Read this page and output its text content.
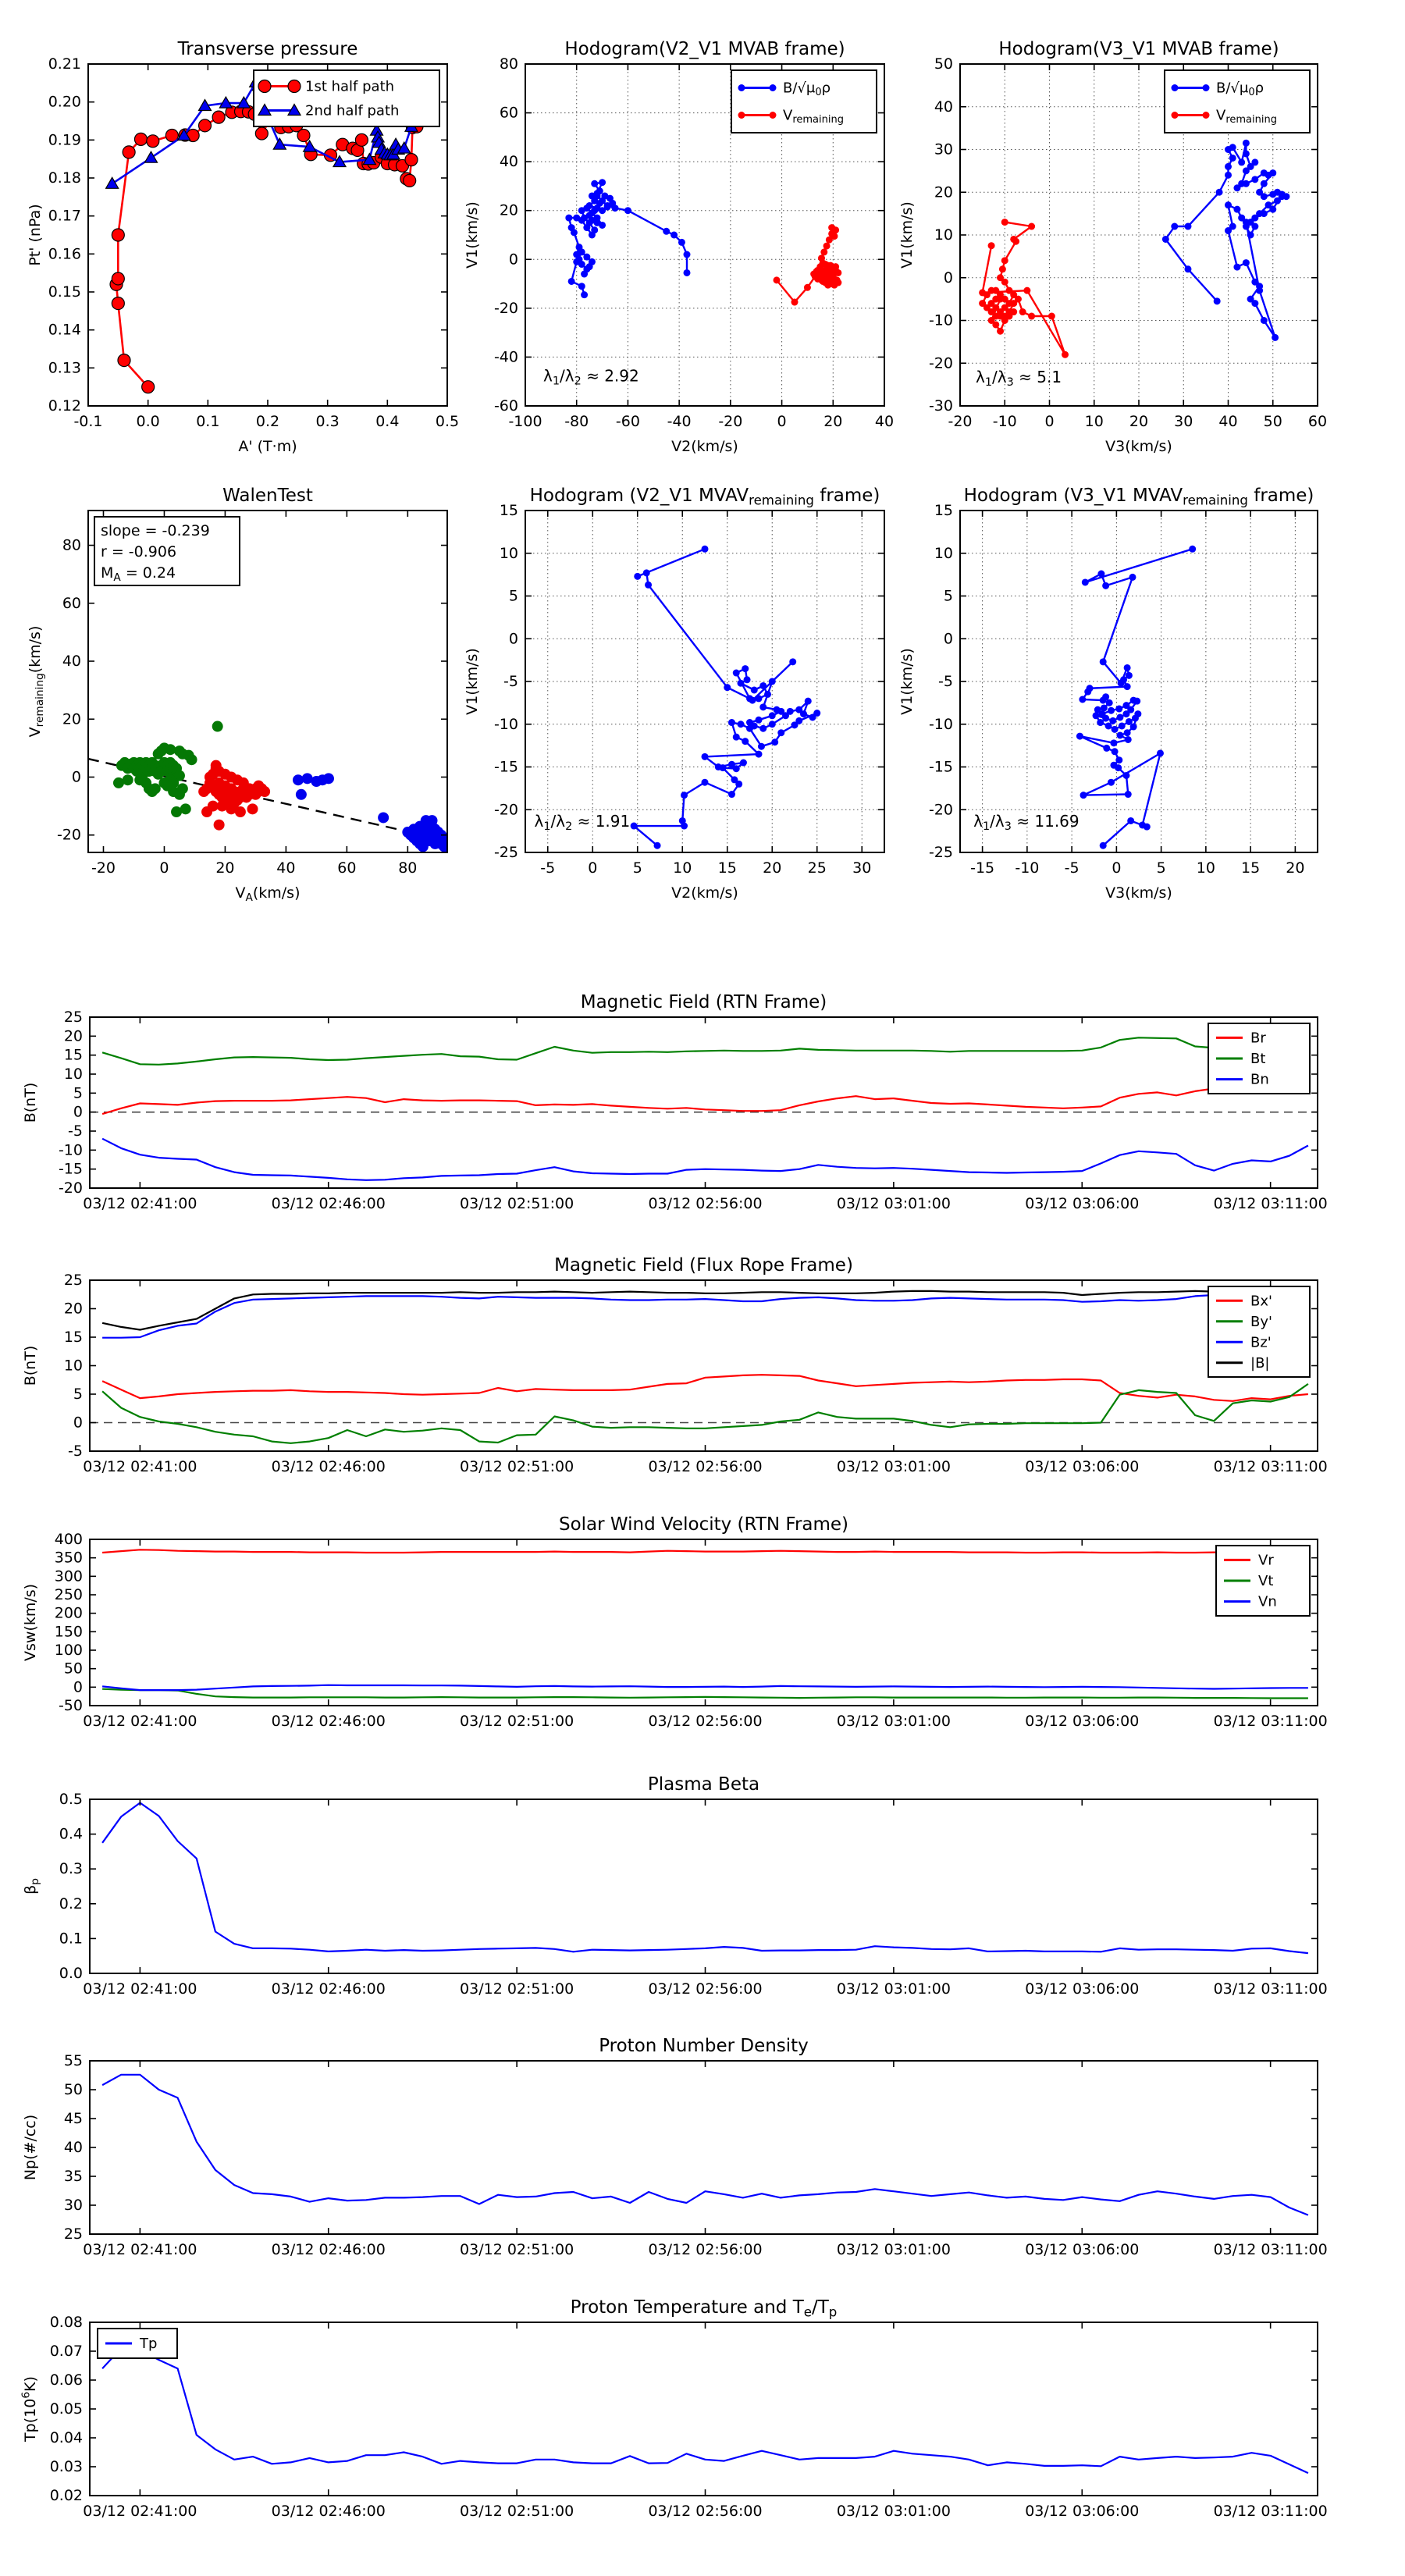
-0.1 0.0 0.1 0.2 0.3 0.4 0.5
0.12
0.13
0.14
0.15
0.16
0.17
0.18
0.19
0.20
0.21
Transverse pressure
A' (T·m)
Pt' (nPa)
1st half path
2nd half path
-100 -80 -60 -40 -20 0	20 40
-60
-40
-20
0
20
40
60
80
Hodogram(V2_V1 MVAB frame)
V2(km/s)
V1(km/s)
$\lambda_1/\lambda_2 \approx 2.92$
$B/√\mu_0\rho$
$V_{remaining}$
-20 -10 0 10 20 30 40 50 60
-30
-20
-10
0
10
20
30
40
50
Hodogram(V3_V1 MVAB frame)
V3(km/s)
V1(km/s)
$\lambda_1/\lambda_3 \approx 5.1$
$B/√\mu_0\rho$
$V_{remaining}$
-20	0	20	40	60	80
-20
0
20
40
60
80
WalenTest
VA(km/s)
Vremaining(km/s)
slope = -0.239
r = -0.906
MA = 0.24
-5 0 5 10 15 20 25 30
-25
-20
-15
-10
-5
0
5
10
15
Hodogram (V2_V1 MVAVremaining frame)
V2(km/s)
V1(km/s)
$\lambda_1/\lambda_2 \approx 1.91$
-15 -10 -5 0 5 10 15 20
-25
-20
-15
-10
-5
0
5
10
15
Hodogram (V3_V1 MVAVremaining frame)
V3(km/s)
V1(km/s)
$\lambda_1/\lambda_3 \approx 11.69$
03/12 02:41:00	03/12 02:46:00	03/12 02:51:00	03/12 02:56:00	03/12 03:01:00	03/12 03:06:00	03/12 03:11:00
-20
-15
-10
-5
0
5
10
15
20
25
Magnetic Field (RTN Frame)
B(nT)
Br
Bt
Bn
03/12 02:41:00	03/12 02:46:00	03/12 02:51:00	03/12 02:56:00	03/12 03:01:00	03/12 03:06:00	03/12 03:11:00
-5
0
5
10
15
20
25
Magnetic Field (Flux Rope Frame)
B(nT)
Bx'
By'
Bz'
|B|
03/12 02:41:00	03/12 02:46:00	03/12 02:51:00	03/12 02:56:00	03/12 03:01:00	03/12 03:06:00	03/12 03:11:00
-50
0
50
100
150
200
250
300
350
400
Solar Wind Velocity (RTN Frame)
Vsw(km/s)
Vr
Vt
Vn
03/12 02:41:00	03/12 02:46:00	03/12 02:51:00	03/12 02:56:00	03/12 03:01:00	03/12 03:06:00	03/12 03:11:00
0.0
0.1
0.2
0.3
0.4
0.5
Plasma Beta
βp
03/12 02:41:00	03/12 02:46:00	03/12 02:51:00	03/12 02:56:00	03/12 03:01:00	03/12 03:06:00	03/12 03:11:00
25
30
35
40
45
50
55
Proton Number Density
Np(#/cc)
03/12 02:41:00	03/12 02:46:00	03/12 02:51:00	03/12 02:56:00	03/12 03:01:00	03/12 03:06:00	03/12 03:11:00
0.02
0.03
0.04
0.05
0.06
0.07
0.08
Proton Temperature and Te/Tp
$Tp(10^6K)$
Tp
